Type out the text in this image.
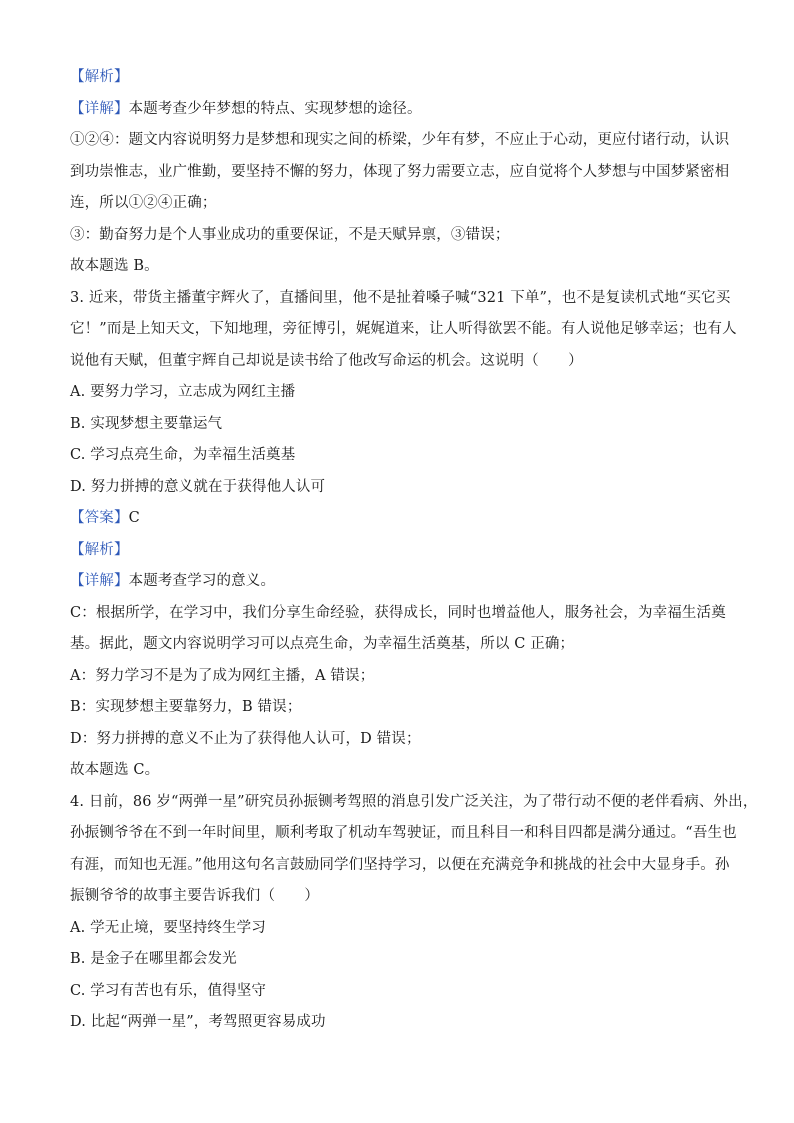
【解析】
【详解】本题考查少年梦想的特点、实现梦想的途径。
①②④：题文内容说明努力是梦想和现实之间的桥梁，少年有梦，不应止于心动，更应付诸行动，认识
到功崇惟志，业广惟勤，要坚持不懈的努力，体现了努力需要立志，应自觉将个人梦想与中国梦紧密相
连，所以①②④正确；
③：勤奋努力是个人事业成功的重要保证，不是天赋异禀，③错误；
故本题选 B。
3. 近来，带货主播董宇辉火了，直播间里，他不是扯着嗓子喊“321 下单”，也不是复读机式地“买它买
它！”而是上知天文，下知地理，旁征博引，娓娓道来，让人听得欲罢不能。有人说他足够幸运；也有人
说他有天赋，但董宇辉自己却说是读书给了他改写命运的机会。这说明（　　）
A. 要努力学习，立志成为网红主播
B. 实现梦想主要靠运气
C. 学习点亮生命，为幸福生活奠基
D. 努力拼搏的意义就在于获得他人认可
【答案】C
【解析】
【详解】本题考查学习的意义。
C：根据所学，在学习中，我们分享生命经验，获得成长，同时也增益他人，服务社会，为幸福生活奠
基。据此，题文内容说明学习可以点亮生命，为幸福生活奠基，所以 C 正确；
A：努力学习不是为了成为网红主播，A 错误；
B：实现梦想主要靠努力，B 错误；
D：努力拼搏的意义不止为了获得他人认可，D 错误；
故本题选 C。
4. 日前，86 岁“两弹一星”研究员孙振铡考驾照的消息引发广泛关注，为了带行动不便的老伴看病、外出，
孙振铡爷爷在不到一年时间里，顺利考取了机动车驾驶证，而且科目一和科目四都是满分通过。“吾生也
有涯，而知也无涯。”他用这句名言鼓励同学们坚持学习，以便在充满竞争和挑战的社会中大显身手。孙
振铡爷爷的故事主要告诉我们（　　）
A. 学无止境，要坚持终生学习
B. 是金子在哪里都会发光
C. 学习有苦也有乐，值得坚守
D. 比起“两弹一星”，考驾照更容易成功
